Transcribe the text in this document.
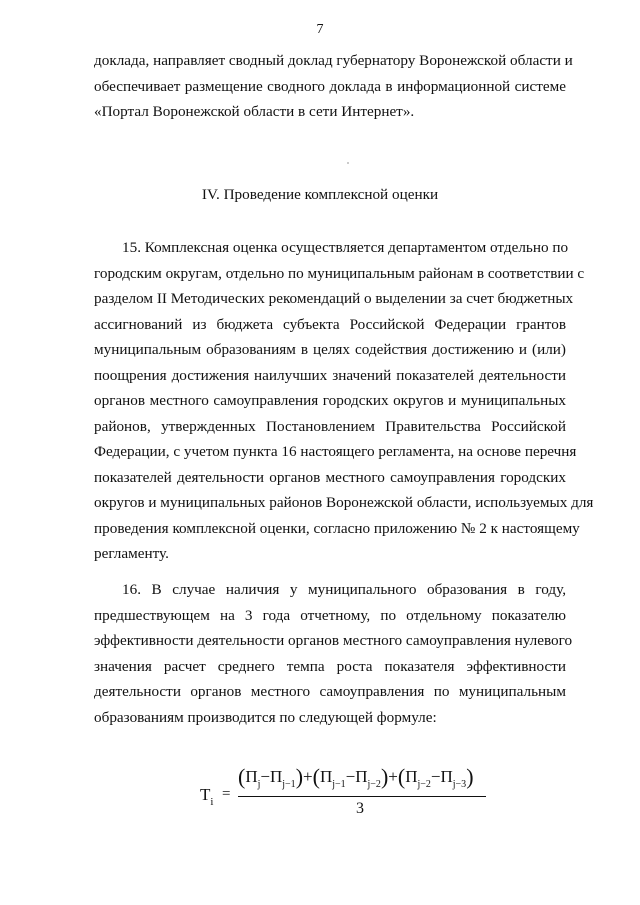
7
доклада, направляет сводный доклад губернатору Воронежской области и
обеспечивает размещение сводного доклада в информационной системе
«Портал Воронежской области в сети Интернет».
IV. Проведение комплексной оценки
15. Комплексная оценка осуществляется департаментом отдельно по
городским округам, отдельно по муниципальным районам в соответствии с
разделом II Методических рекомендаций о выделении за счет бюджетных
ассигнований из бюджета субъекта Российской Федерации грантов
муниципальным образованиям в целях содействия достижению и (или)
поощрения достижения наилучших значений показателей деятельности
органов местного самоуправления городских округов и муниципальных
районов, утвержденных Постановлением Правительства Российской
Федерации, с учетом пункта 16 настоящего регламента, на основе перечня
показателей деятельности органов местного самоуправления городских
округов и муниципальных районов Воронежской области, используемых для
проведения комплексной оценки, согласно приложению № 2 к настоящему
регламенту.
16. В случае наличия у муниципального образования в году,
предшествующем на 3 года отчетному, по отдельному показателю
эффективности деятельности органов местного самоуправления нулевого
значения расчет среднего темпа роста показателя эффективности
деятельности органов местного самоуправления по муниципальным
образованиям производится по следующей формуле:
$T_i$ =
$(П_j-П_{j-1})+(П_{j-1}-П_{j-2})+(П_{j-2}-П_{j-3})$
3
